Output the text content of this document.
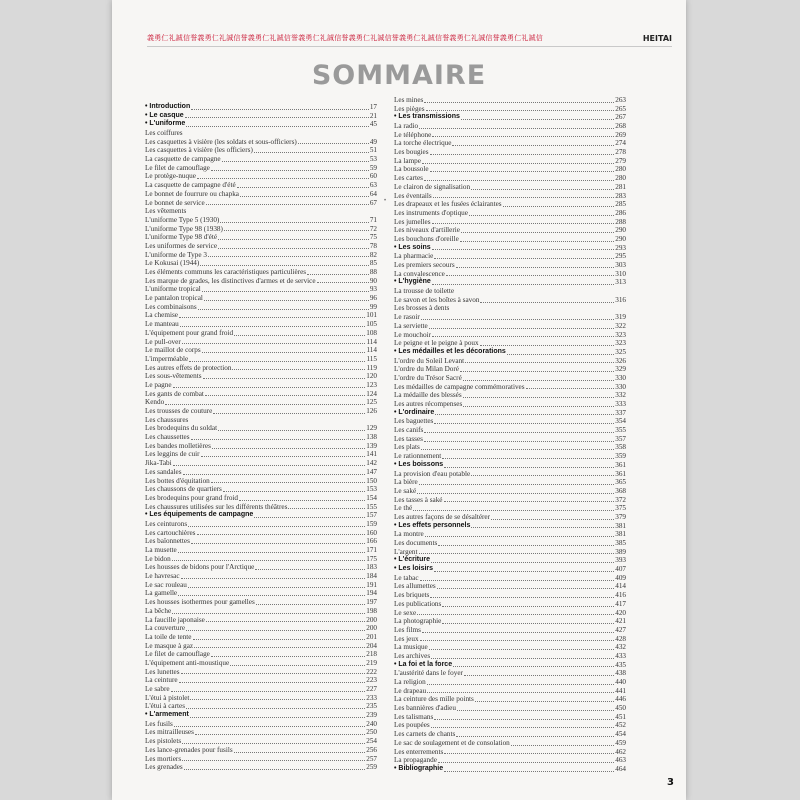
義勇仁礼誠信誉義勇仁礼誠信誉義勇仁礼誠信誉義勇仁礼誠信誉義勇仁礼誠信誉義勇仁礼誠信誉義勇仁礼誠信誉義勇仁礼誠信	HEITAI
SOMMAIRE
• Introduction	17
• Le casque	21
• L'uniforme	45
Les coiffures
Les casquettes à visière (les soldats et sous-officiers)	49
Les casquettes à visière (les officiers)	51
La casquette de campagne	53
Le filet de camouflage	59
Le protège-nuque	60
La casquette de campagne d'été	63
Le bonnet de fourrure ou chapka	64
Le bonnet de service	67
Les vêtements
L'uniforme Type 5 (1930)	71
L'uniforme Type 98 (1938)	72
L'uniforme Type 98 d'été	75
Les uniformes de service	78
L'uniforme de Type 3	82
Le Kokusai (1944)	85
Les éléments communs les caractéristiques particulières	88
Les marque de grades, les distinctives d'armes et de service	90
L'uniforme tropical	93
Le pantalon tropical	96
Les combinaisons	99
La chemise	101
Le manteau	105
L'équipement pour grand froid	108
Le pull-over	114
Le maillot de corps	114
L'imperméable	115
Les autres effets de protection	119
Les sous-vêtements	120
Le pagne	123
Les gants de combat	124
Kendo	125
Les trousses de couture	126
Les chaussures
Les brodequins du soldat	129
Les chaussettes	138
Les bandes molletières	139
Les leggins de cuir	141
Jika-Tabi	142
Les sandales	147
Les bottes d'équitation	150
Les chaussons de quartiers	153
Les brodequins pour grand froid	154
Les chaussures utilisées sur les différents théâtres	155
• Les équipements de campagne	157
Les ceinturons	159
Les cartouchières	160
Les baïonnettes	166
La musette	171
Le bidon	175
Les housses de bidons pour l'Arctique	183
Le havresac	184
Le sac rouleau	191
La gamelle	194
Les housses isothermes pour gamelles	197
La bêche	198
La faucille japonaise	200
La couverture	200
La toile de tente	201
Le masque à gaz	204
Le filet de camouflage	218
L'équipement anti-moustique	219
Les lunettes	222
La ceinture	223
Le sabre	227
L'étui à pistolet	233
L'étui à cartes	235
• L'armement	239
Les fusils	240
Les mitrailleuses	250
Les pistolets	254
Les lance-grenades pour fusils	256
Les mortiers	257
Les grenades	259
•
Les mines	263
Les pièges	265
• Les transmissions	267
La radio	268
Le téléphone	269
La torche électrique	274
Les bougies	278
La lampe	279
La boussole	280
Les cartes	280
Le clairon de signalisation	281
Les éventails	283
Les drapeaux et les fusées éclairantes	285
Les instruments d'optique	286
Les jumelles	288
Les niveaux d'artillerie	290
Les bouchons d'oreille	290
• Les soins	293
La pharmacie	295
Les premiers secours	303
La convalescence	310
• L'hygiène	313
La trousse de toilette
Le savon et les boîtes à savon	316
Les brosses à dents
Le rasoir	319
La serviette	322
Le mouchoir	323
Le peigne et le peigne à poux	323
• Les médailles et les décorations	325
L'ordre du Soleil Levant	326
L'ordre du Milan Doré	329
L'ordre du Trésor Sacré	330
Les médailles de campagne commémoratives	330
La médaille des blessés	332
Les autres récompenses	333
• L'ordinaire	337
Les baguettes	354
Les canifs	355
Les tasses	357
Les plats	358
Le rationnement	359
• Les boissons	361
La provision d'eau potable	361
La bière	365
Le saké	368
Les tasses à saké	372
Le thé	375
Les autres façons de se désaltérer	379
• Les effets personnels	381
La montre	381
Les documents	385
L'argent	389
• L'écriture	393
• Les loisirs	407
Le tabac	409
Les allumettes	414
Les briquets	416
Les publications	417
Le sexe	420
La photographie	421
Les films	427
Les jeux	428
La musique	432
Les archives	433
• La foi et la force	435
L'austérité dans le foyer	438
La religion	440
Le drapeau	441
La ceinture des mille points	446
Les bannières d'adieu	450
Les talismans	451
Les poupées	452
Les carnets de chants	454
Le sac de soulagement et de consolation	459
Les enterrements	462
La propagande	463
• Bibliographie	464
3
